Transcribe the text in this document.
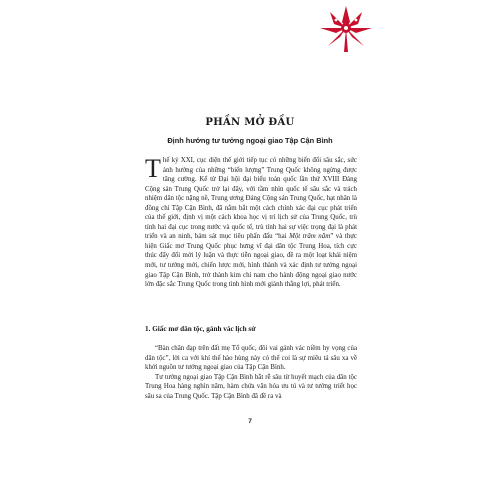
PHẦN MỞ ĐẦU
Định hướng tư tưởng ngoại giao Tập Cận Bình

Thế kỷ XXI, cục diện thế giới tiếp tục có những biến đổi sâu sắc, sức ảnh hưởng của những “biến lượng” Trung Quốc không ngừng được tăng cường. Kể từ Đại hội đại biểu toàn quốc lần thứ XVIII Đảng Cộng sản Trung Quốc trở lại đây, với tầm nhìn quốc tế sâu sắc và trách nhiệm dân tộc nặng nề, Trung ương Đảng Cộng sản Trung Quốc, hạt nhân là đồng chí Tập Cận Bình, đã nắm bắt một cách chính xác đại cục phát triển của thế giới, định vị một cách khoa học vị trí lịch sử của Trung Quốc, trù tính hai đại cục trong nước và quốc tế, trù tính hai sự việc trọng đại là phát triển và an ninh, bám sát mục tiêu phấn đấu “hai Một trăm năm” và thực hiện Giấc mơ Trung Quốc phục hưng vĩ đại dân tộc Trung Hoa, tích cực thúc đẩy đổi mới lý luận và thực tiễn ngoại giao, đề ra một loạt khái niệm mới, tư tưởng mới, chiến lược mới, hình thành và xác định tư tưởng ngoại giao Tập Cận Bình, trở thành kim chỉ nam cho hành động ngoại giao nước lớn đặc sắc Trung Quốc trong tình hình mới giành thắng lợi, phát triển.

1. Giấc mơ dân tộc, gánh vác lịch sử

“Bàn chân đạp trên đất mẹ Tổ quốc, đôi vai gánh vác niềm hy vọng của dân tộc”, lời ca với khí thế hào hùng này có thể coi là sự miêu tả sâu xa về khởi nguồn tư tưởng ngoại giao của Tập Cận Bình.

Tư tưởng ngoại giao Tập Cận Bình bắt rễ sâu từ huyết mạch của dân tộc Trung Hoa hàng nghìn năm, hàm chứa văn hóa ưu tú và tư tưởng triết học sâu sa của Trung Quốc. Tập Cận Bình đã đề ra và

7
